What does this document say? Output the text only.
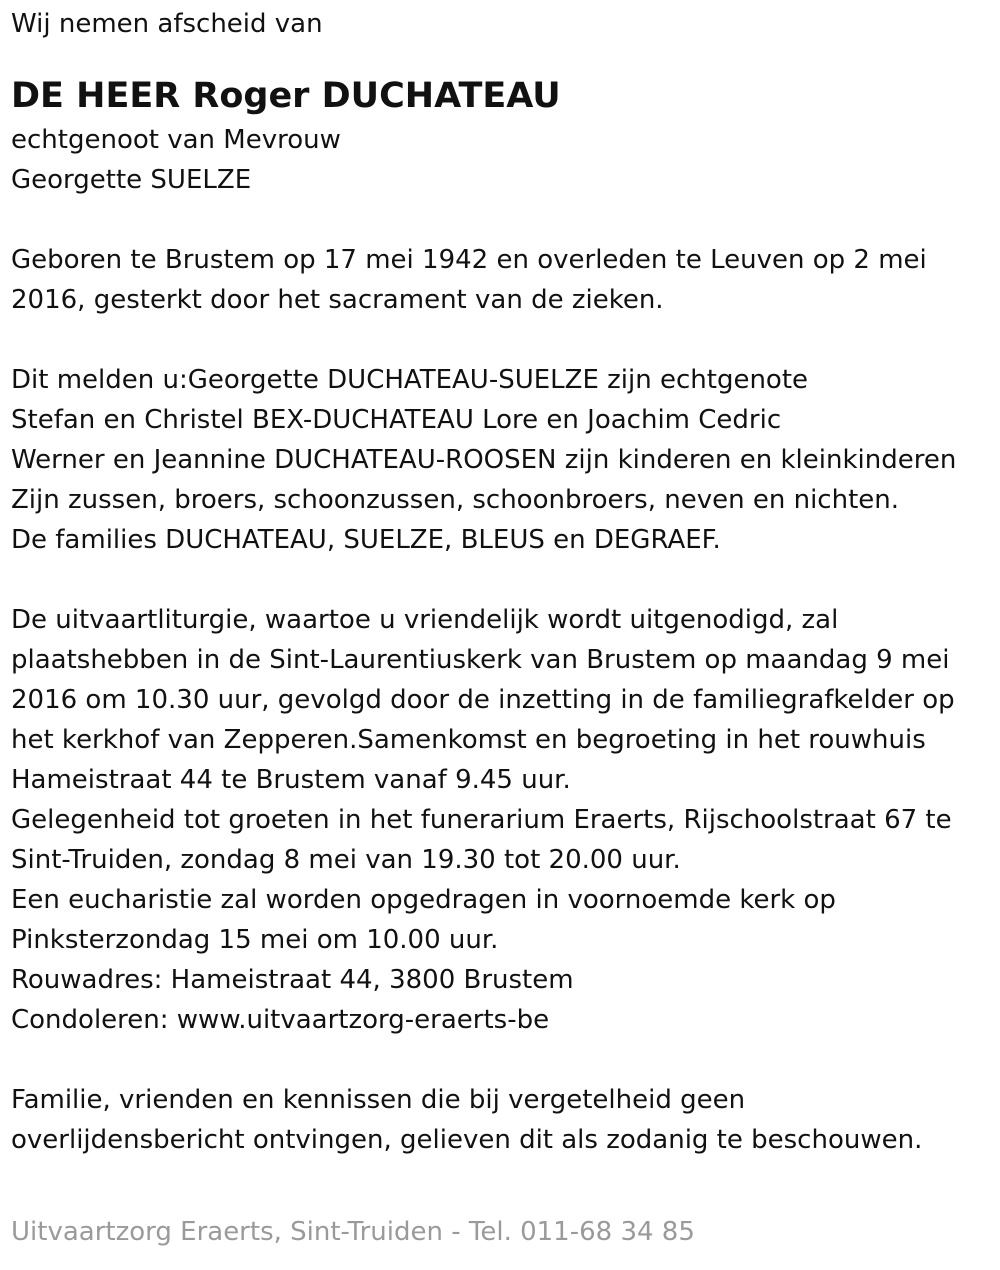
Wij nemen afscheid van

DE HEER Roger DUCHATEAU

echtgenoot van Mevrouw

Georgette SUELZE

Geboren te Brustem op 17 mei 1942 en overleden te Leuven op 2 mei

2016, gesterkt door het sacrament van de zieken.

Dit melden u:Georgette DUCHATEAU-SUELZE zijn echtgenote

Stefan en Christel BEX-DUCHATEAU Lore en Joachim Cedric

Werner en Jeannine DUCHATEAU-ROOSEN zijn kinderen en kleinkinderen

Zijn zussen, broers, schoonzussen, schoonbroers, neven en nichten.

De families DUCHATEAU, SUELZE, BLEUS en DEGRAEF.

De uitvaartliturgie, waartoe u vriendelijk wordt uitgenodigd, zal

plaatshebben in de Sint-Laurentiuskerk van Brustem op maandag 9 mei

2016 om 10.30 uur, gevolgd door de inzetting in de familiegrafkelder op

het kerkhof van Zepperen.Samenkomst en begroeting in het rouwhuis

Hameistraat 44 te Brustem vanaf 9.45 uur.

Gelegenheid tot groeten in het funerarium Eraerts, Rijschoolstraat 67 te

Sint-Truiden, zondag 8 mei van 19.30 tot 20.00 uur.

Een eucharistie zal worden opgedragen in voornoemde kerk op

Pinksterzondag 15 mei om 10.00 uur.

Rouwadres: Hameistraat 44, 3800 Brustem

Condoleren: www.uitvaartzorg-eraerts-be

Familie, vrienden en kennissen die bij vergetelheid geen

overlijdensbericht ontvingen, gelieven dit als zodanig te beschouwen.

Uitvaartzorg Eraerts, Sint-Truiden - Tel. 011-68 34 85
